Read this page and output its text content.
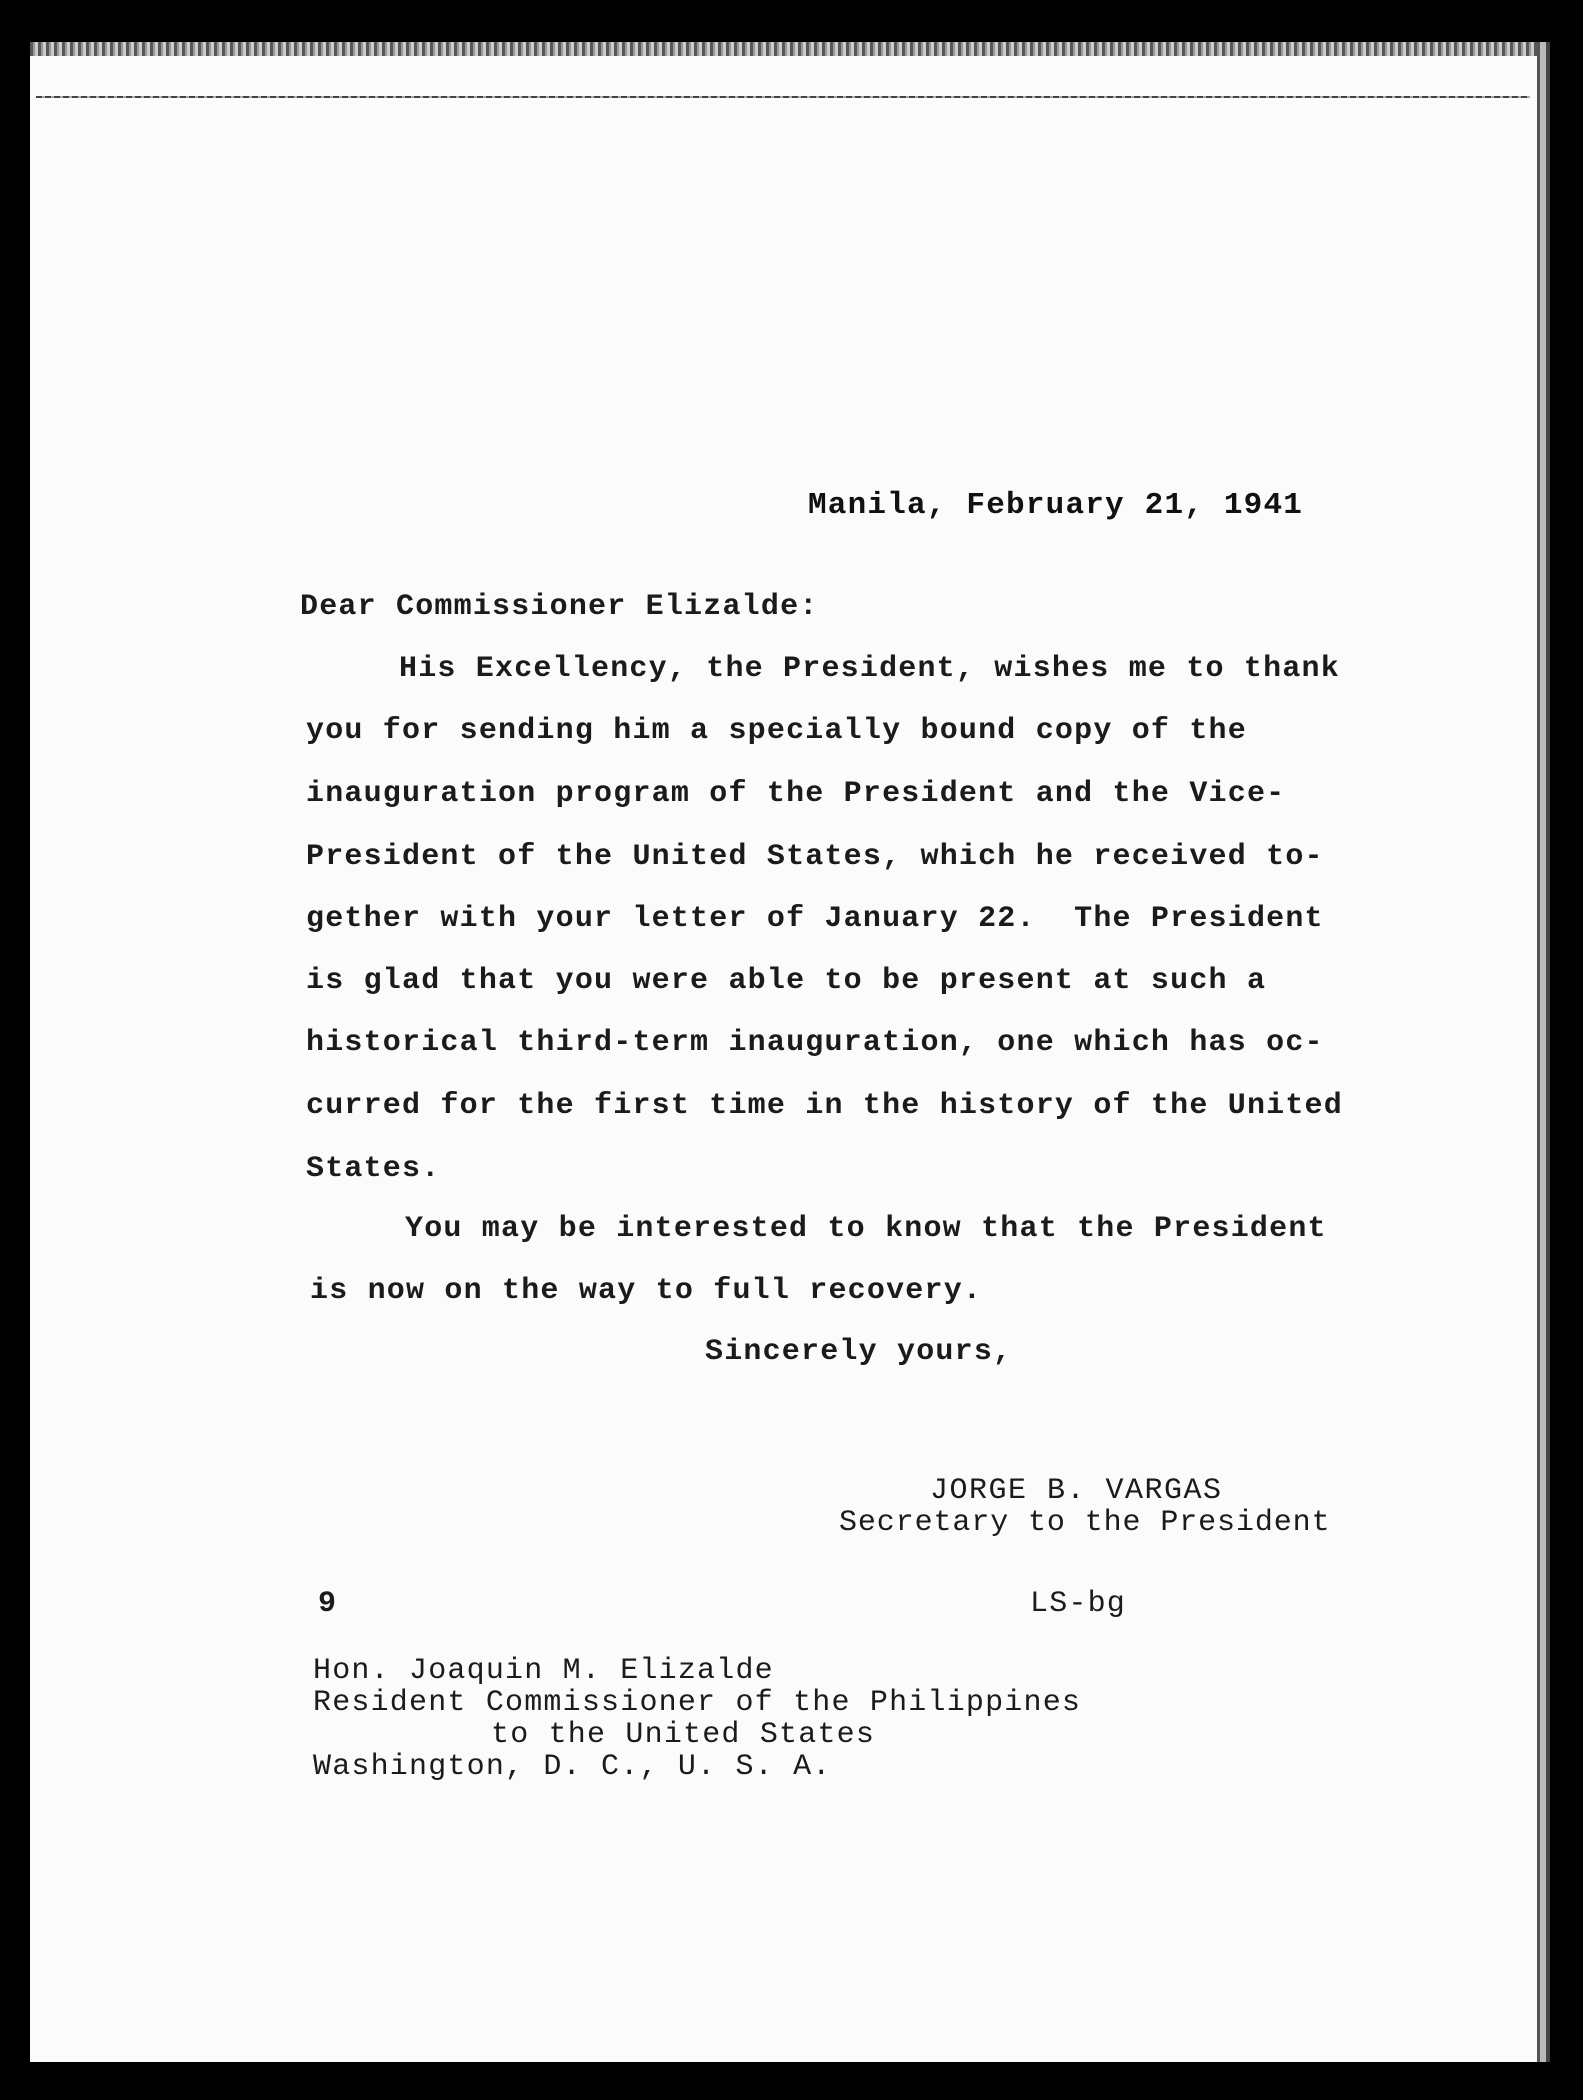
Manila, February 21, 1941
Dear Commissioner Elizalde:
His Excellency, the President, wishes me to thank
you for sending him a specially bound copy of the
inauguration program of the President and the Vice-
President of the United States, which he received to-
gether with your letter of January 22.  The President
is glad that you were able to be present at such a
historical third-term inauguration, one which has oc-
curred for the first time in the history of the United
States.
You may be interested to know that the President
is now on the way to full recovery.
Sincerely yours,
JORGE B. VARGAS
Secretary to the President
9	LS-bg
Hon. Joaquin M. Elizalde
Resident Commissioner of the Philippines
to the United States
Washington, D. C., U. S. A.
